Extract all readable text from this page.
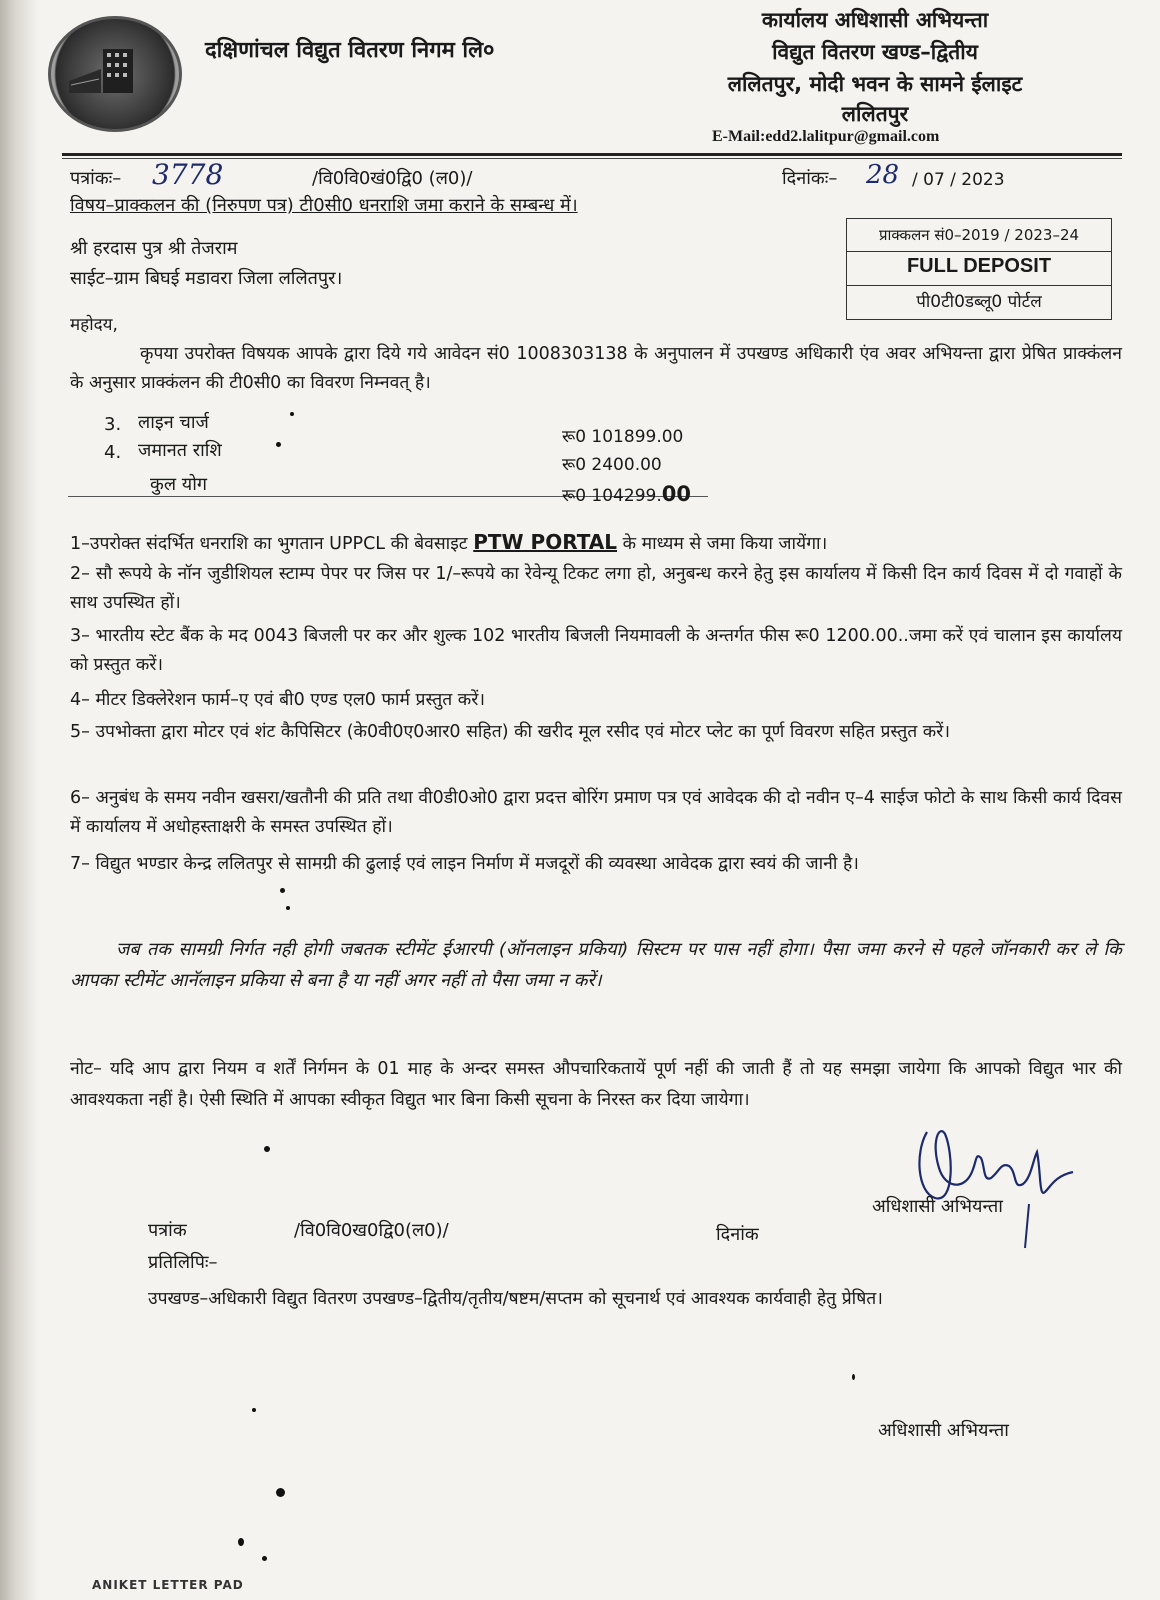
दक्षिणांचल विद्युत वितरण निगम लि०
कार्यालय अधिशासी अभियन्ता
विद्युत वितरण खण्ड–द्वितीय
ललितपुर, मोदी भवन के सामने ईलाइट
ललितपुर
E-Mail:edd2.lalitpur@gmail.com
पत्रांकः– 3778	/वि0वि0खं0द्वि0 (ल0)/	दिनांकः– 28 / 07 / 2023
विषय–प्राक्कलन की (निरुपण पत्र) टी0सी0 धनराशि जमा कराने के सम्बन्ध में।
प्राक्कलन सं0–2019 / 2023–24
FULL DEPOSIT
पी0टी0डब्लू0 पोर्टल
श्री हरदास पुत्र श्री तेजराम
साईट–ग्राम बिघई मडावरा जिला ललितपुर।
महोदय,
कृपया उपरोक्त विषयक आपके द्वारा दिये गये आवेदन सं0 1008303138 के अनुपालन में उपखण्ड अधिकारी एंव अवर अभियन्ता द्वारा प्रेषित प्राक्कंलन के अनुसार प्राक्कंलन की टी0सी0 का विवरण निम्नवत् है।
3. लाइन चार्ज
रू0 101899.00
4. जमानत राशि
रू0 2400.00
कुल योग
रू0 104299.00
1–उपरोक्त संदर्भित धनराशि का भुगतान UPPCL की बेवसाइट PTW PORTAL के माध्यम से जमा किया जायेंगा।
2– सौ रूपये के नॉन जुडीशियल स्टाम्प पेपर पर जिस पर 1/–रूपये का रेवेन्यू टिकट लगा हो, अनुबन्ध करने हेतु इस कार्यालय में किसी दिन कार्य दिवस में दो गवाहों के साथ उपस्थित हों।
3– भारतीय स्टेट बैंक के मद 0043 बिजली पर कर और शुल्क 102 भारतीय बिजली नियमावली के अन्तर्गत फीस रू0 1200.00..जमा करें एवं चालान इस कार्यालय को प्रस्तुत करें।
4– मीटर डिक्लेरेशन फार्म–ए एवं बी0 एण्ड एल0 फार्म प्रस्तुत करें।
5– उपभोक्ता द्वारा मोटर एवं शंट कैपिसिटर (के0वी0ए0आर0 सहित) की खरीद मूल रसीद एवं मोटर प्लेट का पूर्ण विवरण सहित प्रस्तुत करें।
6– अनुबंध के समय नवीन खसरा/खतौनी की प्रति तथा वी0डी0ओ0 द्वारा प्रदत्त बोरिंग प्रमाण पत्र एवं आवेदक की दो नवीन ए–4 साईज फोटो के साथ किसी कार्य दिवस में कार्यालय में अधोहस्ताक्षरी के समस्त उपस्थित हों।
7– विद्युत भण्डार केन्द्र ललितपुर से सामग्री की ढुलाई एवं लाइन निर्माण में मजदूरों की व्यवस्था आवेदक द्वारा स्वयं की जानी है।
जब तक सामग्री निर्गत नही होगी जबतक स्टीमेंट ईआरपी (ऑनलाइन प्रकिया) सिस्टम पर पास नहीं होगा। पैसा जमा करने से पहले जॉनकारी कर ले कि आपका स्टीमेंट आनॅलाइन प्रकिया से बना है या नहीं अगर नहीं तो पैसा जमा न करें।
नोट– यदि आप द्वारा नियम व शर्तें निर्गमन के 01 माह के अन्दर समस्त औपचारिकतायें पूर्ण नहीं की जाती हैं तो यह समझा जायेगा कि आपको विद्युत भार की आवश्यकता नहीं है। ऐसी स्थिति में आपका स्वीकृत विद्युत भार बिना किसी सूचना के निरस्त कर दिया जायेगा।
अधिशासी अभियन्ता
पत्रांक	/वि0वि0ख0द्वि0(ल0)/	दिनांक
प्रतिलिपिः–
उपखण्ड–अधिकारी विद्युत वितरण उपखण्ड–द्वितीय/तृतीय/षष्टम/सप्तम को सूचनार्थ एवं आवश्यक कार्यवाही हेतु प्रेषित।
अधिशासी अभियन्ता
ANIKET LETTER PAD
